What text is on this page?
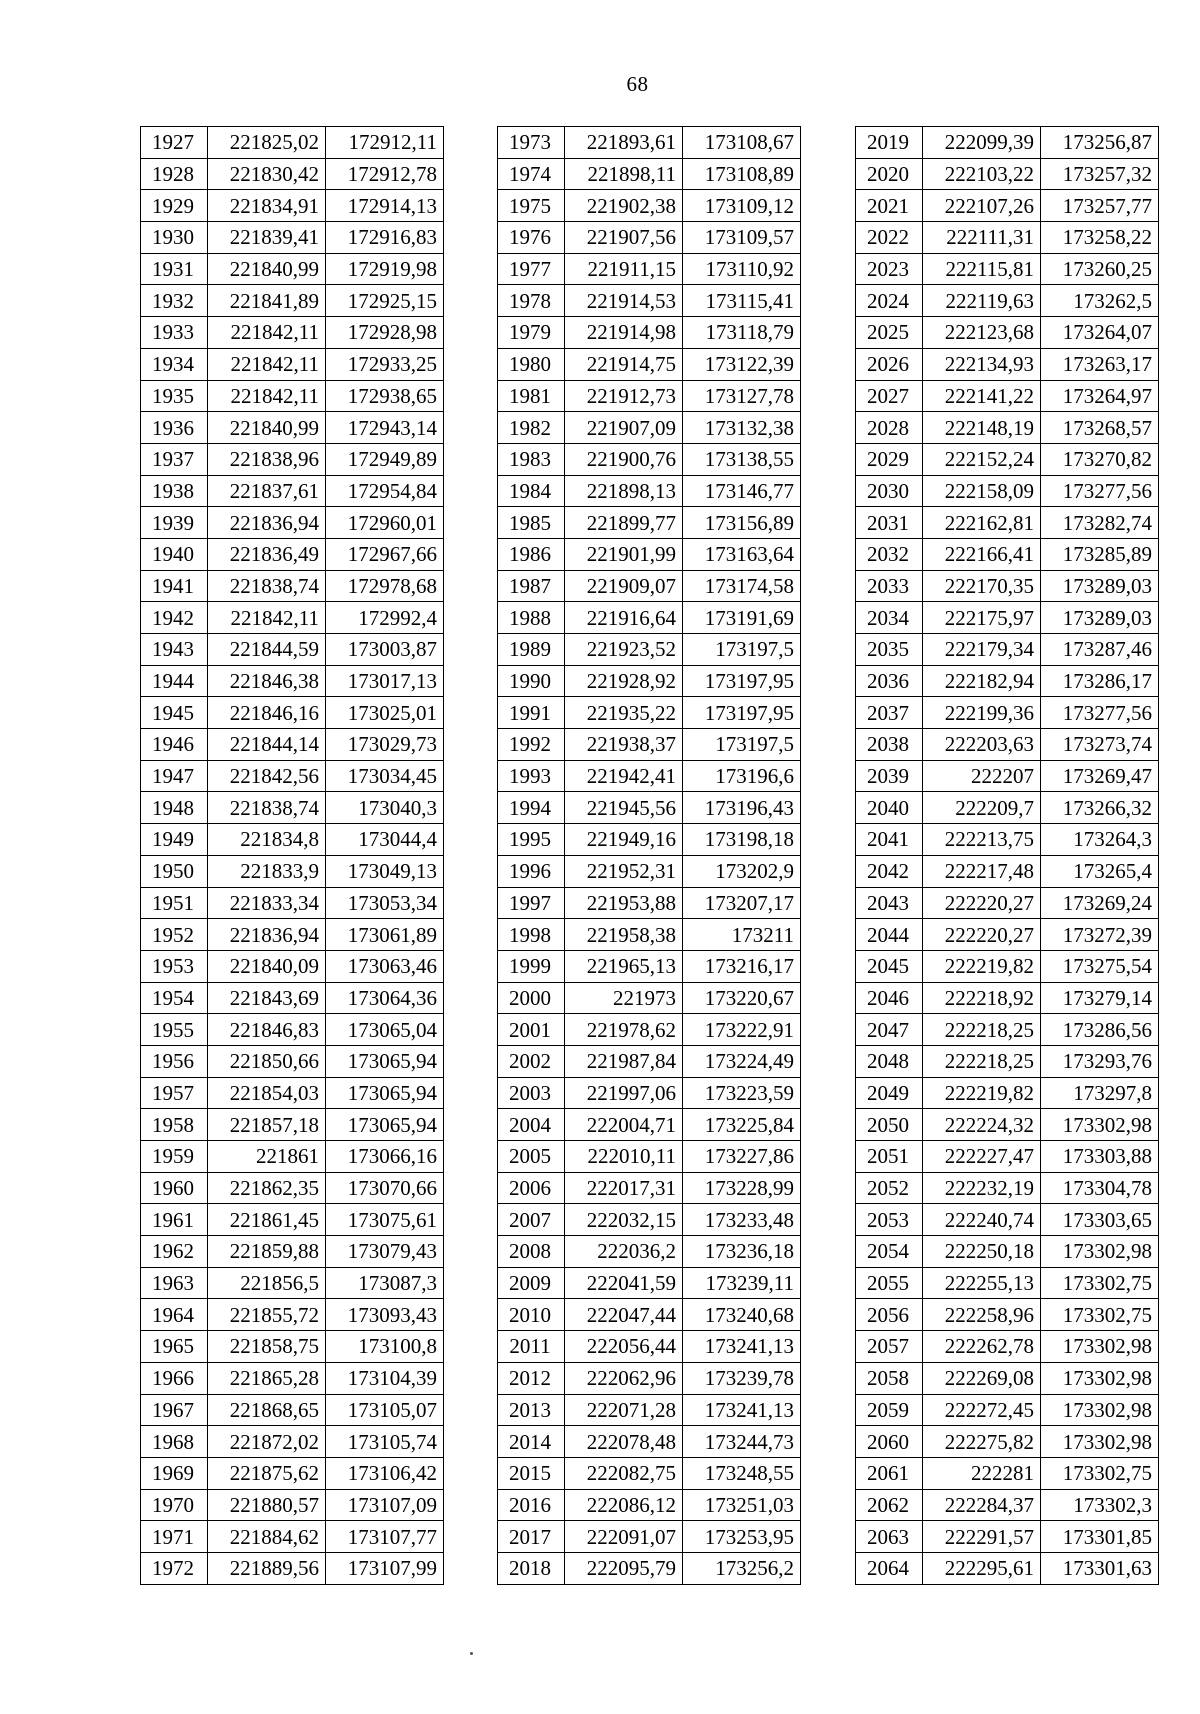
68
1927	221825,02	172912,11
1928	221830,42	172912,78
1929	221834,91	172914,13
1930	221839,41	172916,83
1931	221840,99	172919,98
1932	221841,89	172925,15
1933	221842,11	172928,98
1934	221842,11	172933,25
1935	221842,11	172938,65
1936	221840,99	172943,14
1937	221838,96	172949,89
1938	221837,61	172954,84
1939	221836,94	172960,01
1940	221836,49	172967,66
1941	221838,74	172978,68
1942	221842,11	172992,4
1943	221844,59	173003,87
1944	221846,38	173017,13
1945	221846,16	173025,01
1946	221844,14	173029,73
1947	221842,56	173034,45
1948	221838,74	173040,3
1949	221834,8	173044,4
1950	221833,9	173049,13
1951	221833,34	173053,34
1952	221836,94	173061,89
1953	221840,09	173063,46
1954	221843,69	173064,36
1955	221846,83	173065,04
1956	221850,66	173065,94
1957	221854,03	173065,94
1958	221857,18	173065,94
1959	221861	173066,16
1960	221862,35	173070,66
1961	221861,45	173075,61
1962	221859,88	173079,43
1963	221856,5	173087,3
1964	221855,72	173093,43
1965	221858,75	173100,8
1966	221865,28	173104,39
1967	221868,65	173105,07
1968	221872,02	173105,74
1969	221875,62	173106,42
1970	221880,57	173107,09
1971	221884,62	173107,77
1972	221889,56	173107,99
1973	221893,61	173108,67
1974	221898,11	173108,89
1975	221902,38	173109,12
1976	221907,56	173109,57
1977	221911,15	173110,92
1978	221914,53	173115,41
1979	221914,98	173118,79
1980	221914,75	173122,39
1981	221912,73	173127,78
1982	221907,09	173132,38
1983	221900,76	173138,55
1984	221898,13	173146,77
1985	221899,77	173156,89
1986	221901,99	173163,64
1987	221909,07	173174,58
1988	221916,64	173191,69
1989	221923,52	173197,5
1990	221928,92	173197,95
1991	221935,22	173197,95
1992	221938,37	173197,5
1993	221942,41	173196,6
1994	221945,56	173196,43
1995	221949,16	173198,18
1996	221952,31	173202,9
1997	221953,88	173207,17
1998	221958,38	173211
1999	221965,13	173216,17
2000	221973	173220,67
2001	221978,62	173222,91
2002	221987,84	173224,49
2003	221997,06	173223,59
2004	222004,71	173225,84
2005	222010,11	173227,86
2006	222017,31	173228,99
2007	222032,15	173233,48
2008	222036,2	173236,18
2009	222041,59	173239,11
2010	222047,44	173240,68
2011	222056,44	173241,13
2012	222062,96	173239,78
2013	222071,28	173241,13
2014	222078,48	173244,73
2015	222082,75	173248,55
2016	222086,12	173251,03
2017	222091,07	173253,95
2018	222095,79	173256,2
2019	222099,39	173256,87
2020	222103,22	173257,32
2021	222107,26	173257,77
2022	222111,31	173258,22
2023	222115,81	173260,25
2024	222119,63	173262,5
2025	222123,68	173264,07
2026	222134,93	173263,17
2027	222141,22	173264,97
2028	222148,19	173268,57
2029	222152,24	173270,82
2030	222158,09	173277,56
2031	222162,81	173282,74
2032	222166,41	173285,89
2033	222170,35	173289,03
2034	222175,97	173289,03
2035	222179,34	173287,46
2036	222182,94	173286,17
2037	222199,36	173277,56
2038	222203,63	173273,74
2039	222207	173269,47
2040	222209,7	173266,32
2041	222213,75	173264,3
2042	222217,48	173265,4
2043	222220,27	173269,24
2044	222220,27	173272,39
2045	222219,82	173275,54
2046	222218,92	173279,14
2047	222218,25	173286,56
2048	222218,25	173293,76
2049	222219,82	173297,8
2050	222224,32	173302,98
2051	222227,47	173303,88
2052	222232,19	173304,78
2053	222240,74	173303,65
2054	222250,18	173302,98
2055	222255,13	173302,75
2056	222258,96	173302,75
2057	222262,78	173302,98
2058	222269,08	173302,98
2059	222272,45	173302,98
2060	222275,82	173302,98
2061	222281	173302,75
2062	222284,37	173302,3
2063	222291,57	173301,85
2064	222295,61	173301,63
